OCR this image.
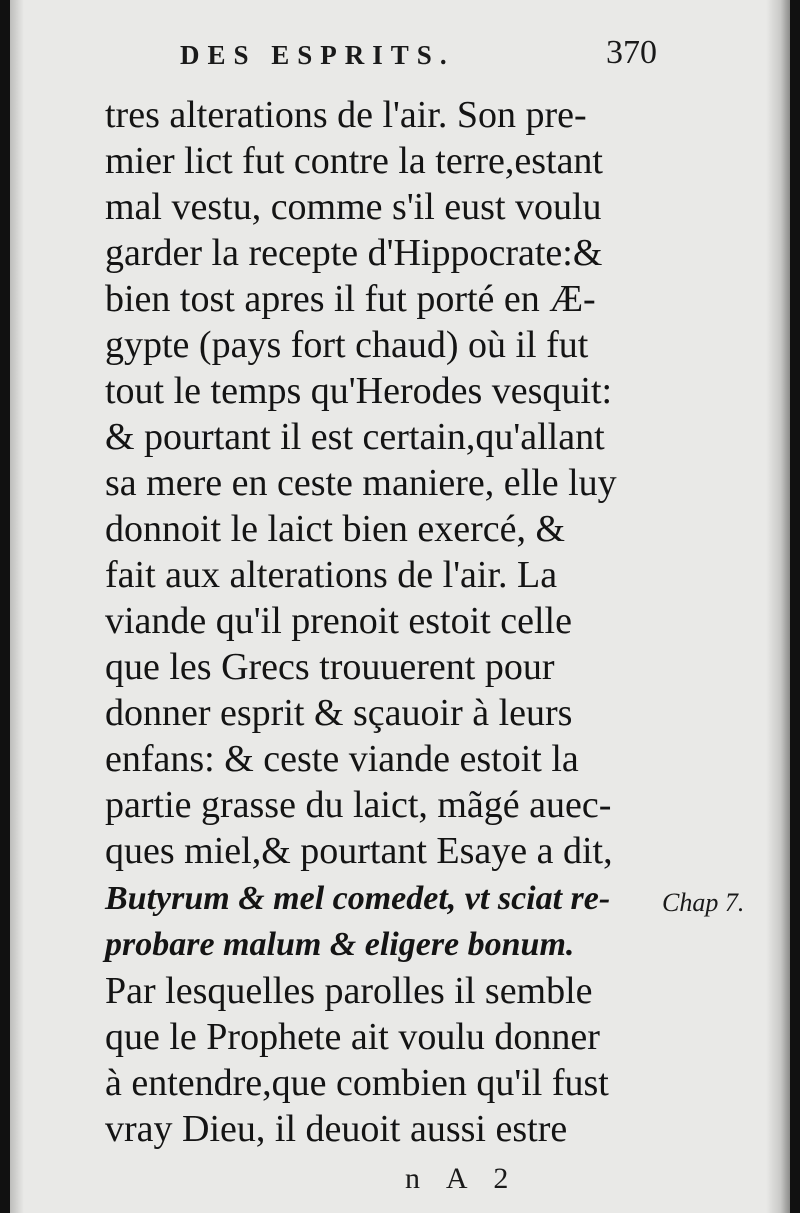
DES ESPRITS.	370
tres alterations de l'air. Son pre-
mier lict fut contre la terre,estant
mal vestu, comme s'il eust voulu
garder la recepte d'Hippocrate:&
bien tost apres il fut porté en Æ-
gypte (pays fort chaud) où il fut
tout le temps qu'Herodes vesquit:
& pourtant il est certain,qu'allant
sa mere en ceste maniere, elle luy
donnoit le laict bien exercé, &
fait aux alterations de l'air. La
viande qu'il prenoit estoit celle
que les Grecs trouuerent pour
donner esprit & sçauoir à leurs
enfans: & ceste viande estoit la
partie grasse du laict, mãgé auec-
ques miel,& pourtant Esaye a dit,
Butyrum & mel comedet, vt sciat re-
probare malum & eligere bonum.
Par lesquelles parolles il semble
que le Prophete ait voulu donner
à entendre,que combien qu'il fust
vray Dieu, il deuoit aussi estre
Chap 7.
n A 2
